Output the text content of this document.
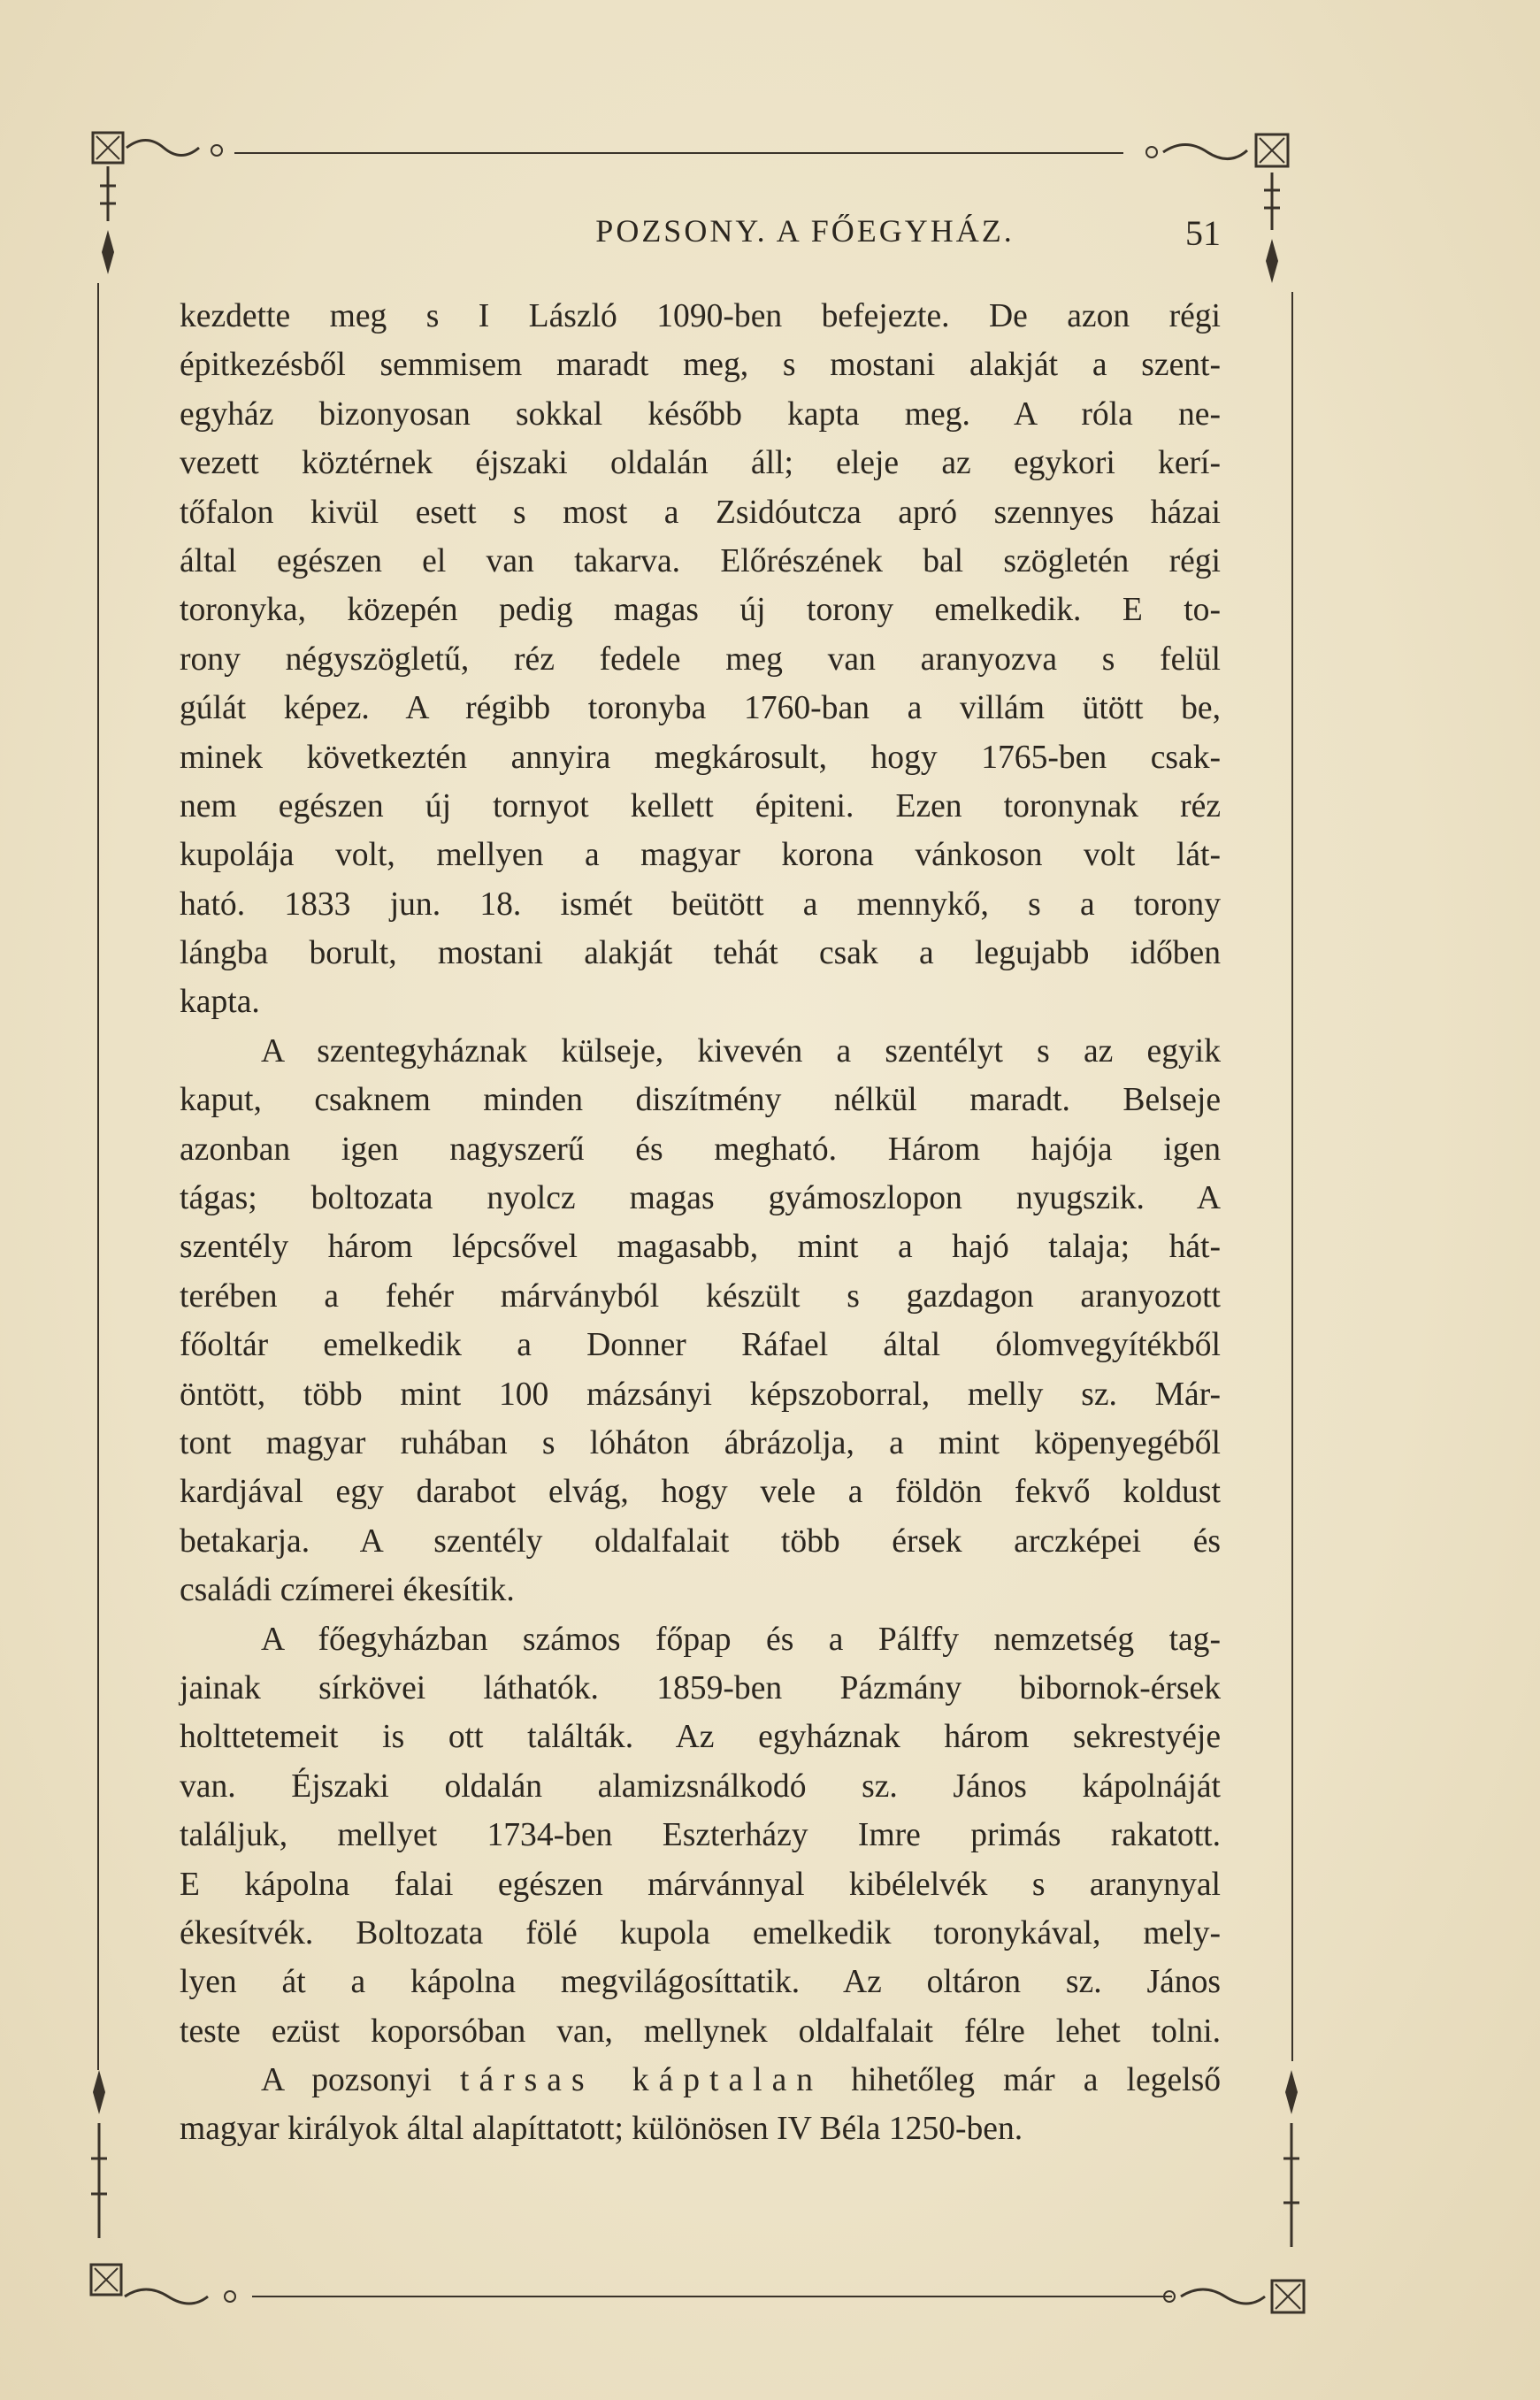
POZSONY. A FŐEGYHÁZ.	51
kezdette meg s I László 1090-ben befejezte. De azon régi
épitkezésből semmisem maradt meg, s mostani alakját a szent-
egyház bizonyosan sokkal később kapta meg. A róla ne-
vezett köztérnek éjszaki oldalán áll; eleje az egykori kerí-
tőfalon kivül esett s most a Zsidóutcza apró szennyes házai
által egészen el van takarva. Előrészének bal szögletén régi
toronyka, közepén pedig magas új torony emelkedik. E to-
rony négyszögletű, réz fedele meg van aranyozva s felül
gúlát képez. A régibb toronyba 1760-ban a villám ütött be,
minek következtén annyira megkárosult, hogy 1765-ben csak-
nem egészen új tornyot kellett épiteni. Ezen toronynak réz
kupolája volt, mellyen a magyar korona vánkoson volt lát-
ható. 1833 jun. 18. ismét beütött a mennykő, s a torony
lángba borult, mostani alakját tehát csak a legujabb időben
kapta.
A szentegyháznak külseje, kivevén a szentélyt s az egyik
kaput, csaknem minden diszítmény nélkül maradt. Belseje
azonban igen nagyszerű és megható. Három hajója igen
tágas; boltozata nyolcz magas gyámoszlopon nyugszik. A
szentély három lépcsővel magasabb, mint a hajó talaja; hát-
terében a fehér márványból készült s gazdagon aranyozott
főoltár emelkedik a Donner Ráfael által ólomvegyítékből
öntött, több mint 100 mázsányi képszoborral, melly sz. Már-
tont magyar ruhában s lóháton ábrázolja, a mint köpenyegéből
kardjával egy darabot elvág, hogy vele a földön fekvő koldust
betakarja. A szentély oldalfalait több érsek arczképei és
családi czímerei ékesítik.
A főegyházban számos főpap és a Pálffy nemzetség tag-
jainak sírkövei láthatók. 1859-ben Pázmány bibornok-érsek
holttetemeit is ott találták. Az egyháznak három sekrestyéje
van. Éjszaki oldalán alamizsnálkodó sz. János kápolnáját
találjuk, mellyet 1734-ben Eszterházy Imre primás rakatott.
E kápolna falai egészen márvánnyal kibélelvék s aranynyal
ékesítvék. Boltozata fölé kupola emelkedik toronykával, mely-
lyen át a kápolna megvilágosíttatik. Az oltáron sz. János
teste ezüst koporsóban van, mellynek oldalfalait félre lehet tolni.
A pozsonyi társas káptalan hihetőleg már a legelső
magyar királyok által alapíttatott; különösen IV Béla 1250-ben.
